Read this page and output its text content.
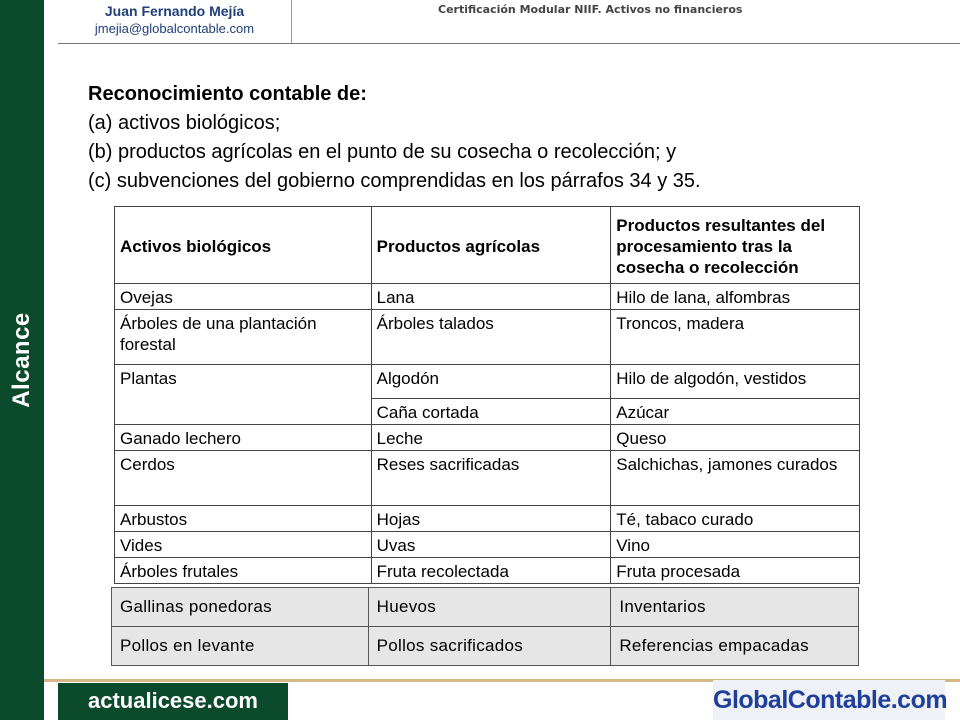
Alcance
Juan Fernando Mejía
jmejia@globalcontable.com
Certificación Modular NIIF. Activos no financieros
Reconocimiento contable de:
(a) activos biológicos;
(b) productos agrícolas en el punto de su cosecha o recolección; y
(c) subvenciones del gobierno comprendidas en los párrafos 34 y 35.
Activos biológicos	Productos agrícolas	Productos resultantes del procesamiento tras la cosecha o recolección
Ovejas	Lana	Hilo de lana, alfombras
Árboles de una plantación forestal	Árboles talados	Troncos, madera
Plantas	Algodón	Hilo de algodón, vestidos
	Caña cortada	Azúcar
Ganado lechero	Leche	Queso
Cerdos	Reses sacrificadas	Salchichas, jamones curados
Arbustos	Hojas	Té, tabaco curado
Vides	Uvas	Vino
Árboles frutales	Fruta recolectada	Fruta procesada
Gallinas ponedoras	Huevos	Inventarios
Pollos en levante	Pollos sacrificados	Referencias empacadas
actualicese.com	GlobalContable.com
